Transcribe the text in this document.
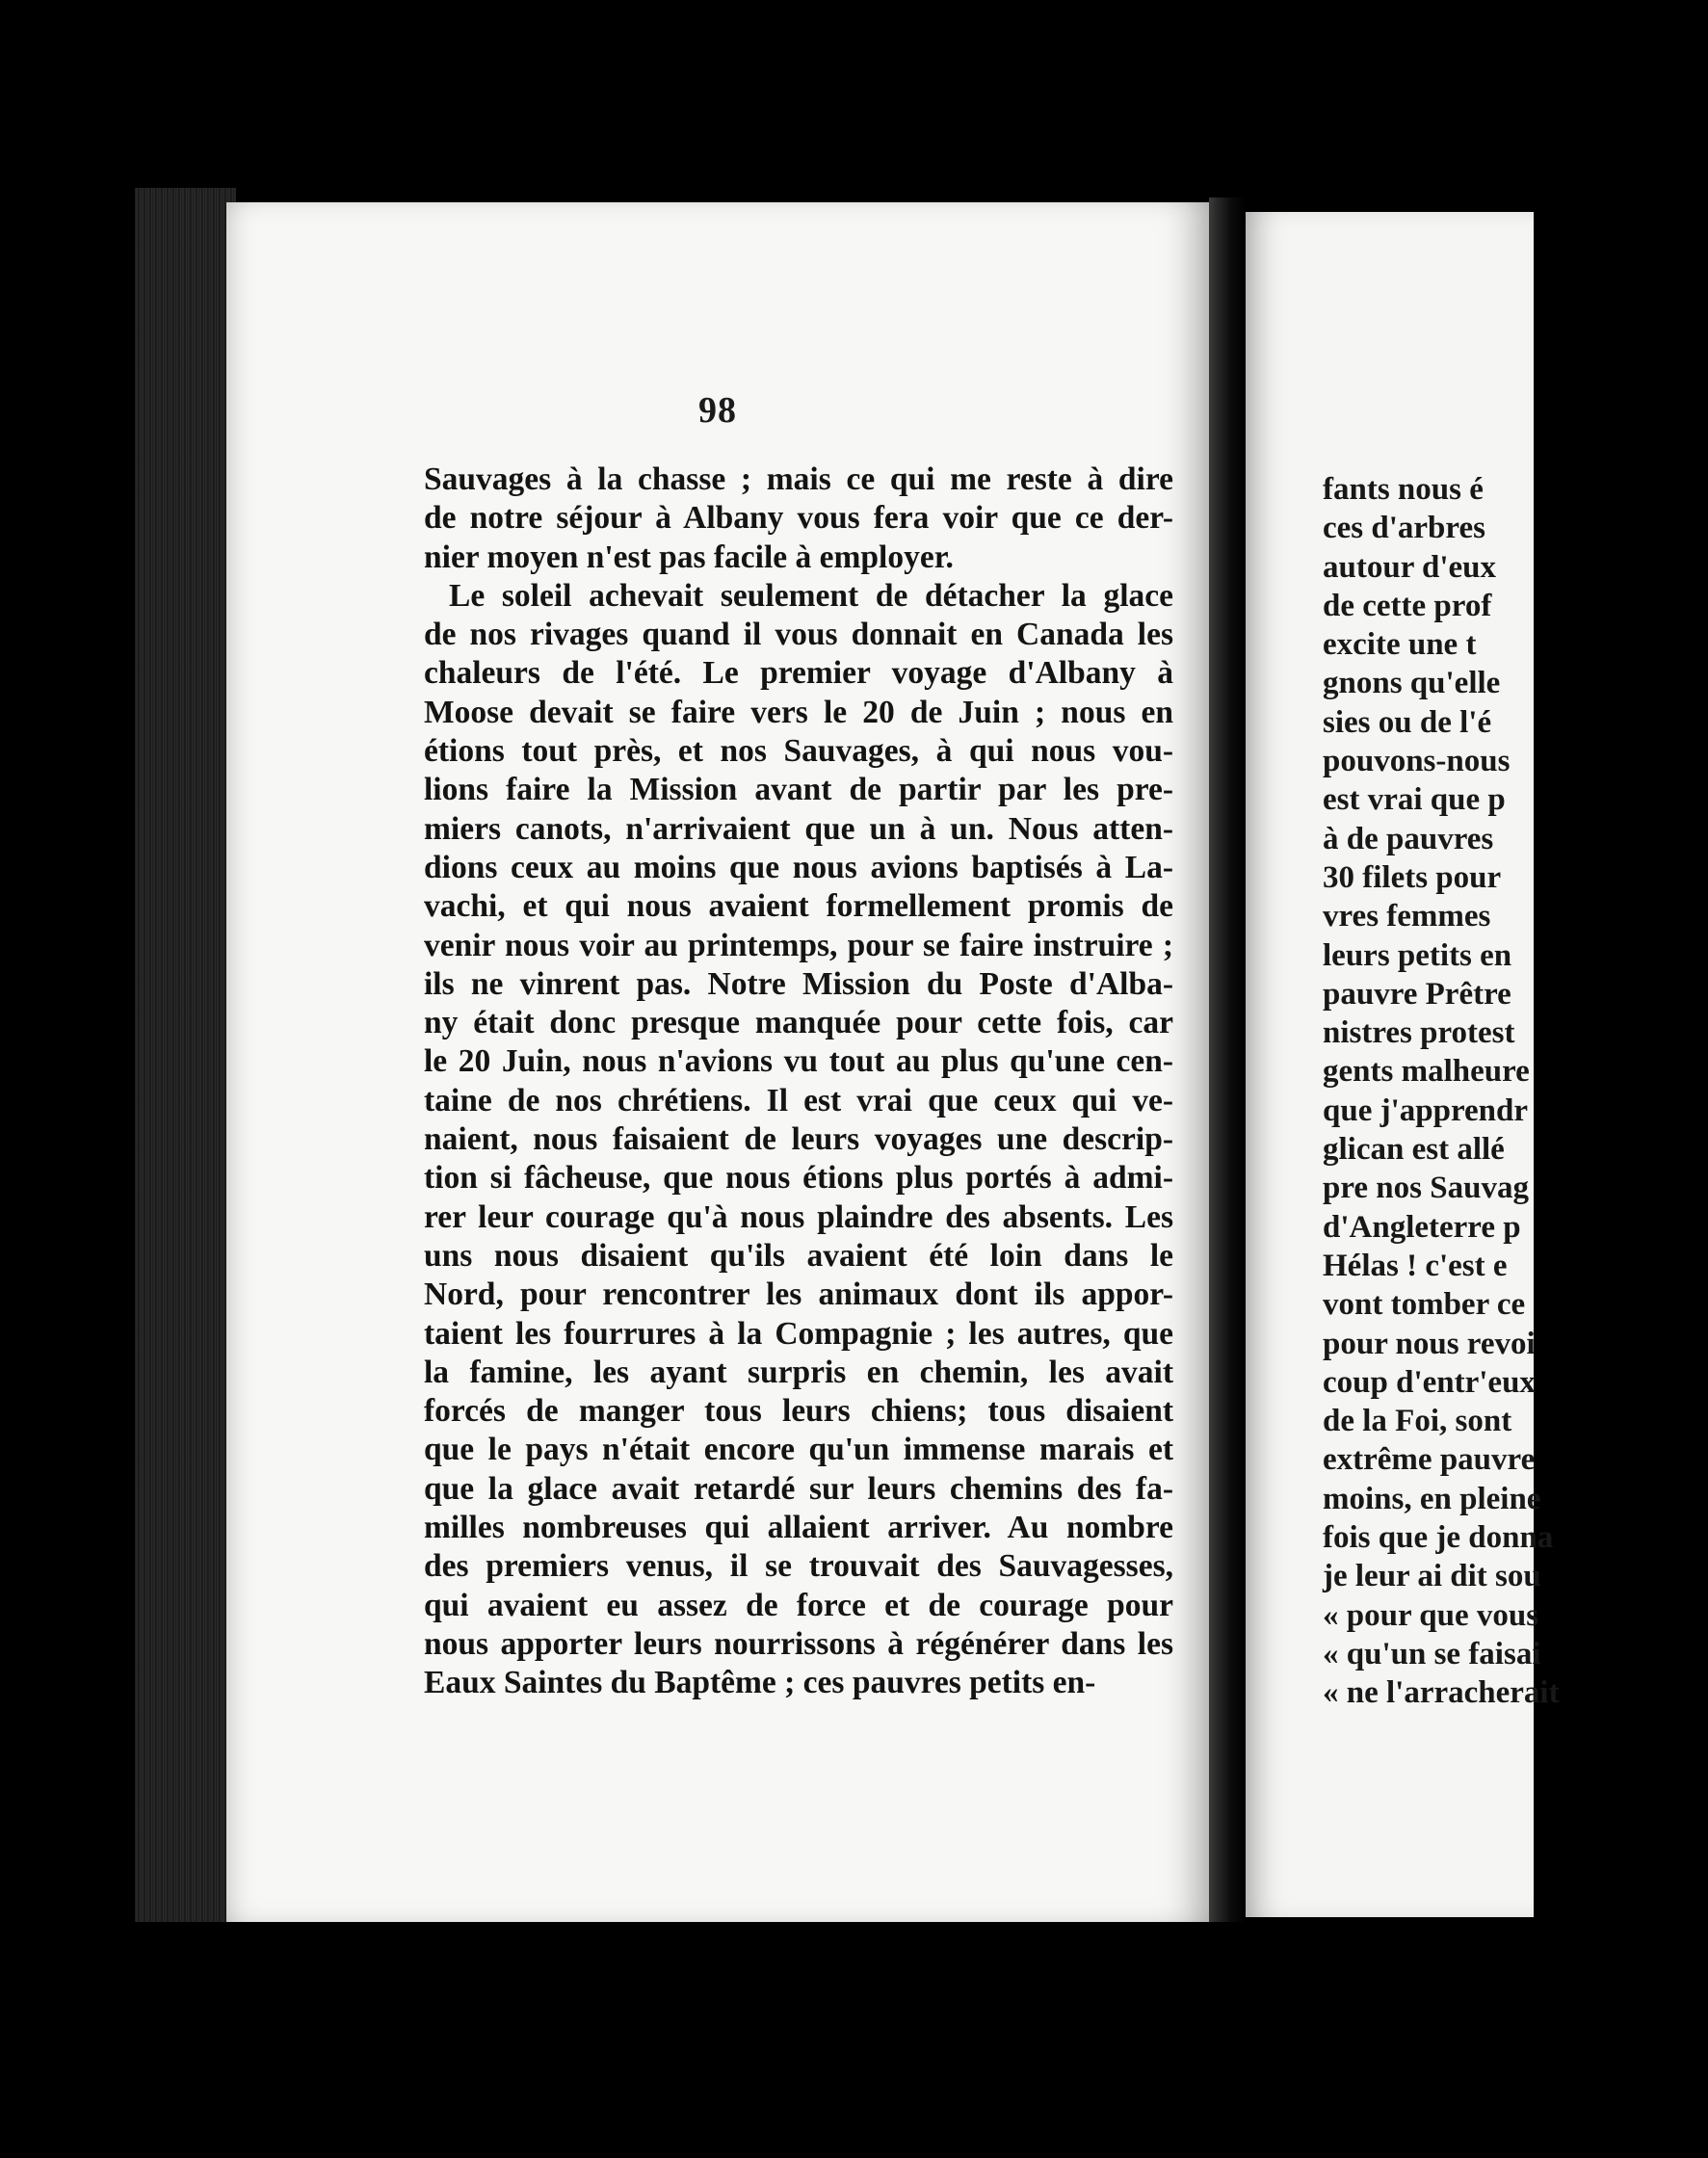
98
Sauvages à la chasse ; mais ce qui me reste à dire
de notre séjour à Albany vous fera voir que ce der-
nier moyen n'est pas facile à employer.
Le soleil achevait seulement de détacher la glace
de nos rivages quand il vous donnait en Canada les
chaleurs de l'été. Le premier voyage d'Albany à
Moose devait se faire vers le 20 de Juin ; nous en
étions tout près, et nos Sauvages, à qui nous vou-
lions faire la Mission avant de partir par les pre-
miers canots, n'arrivaient que un à un. Nous atten-
dions ceux au moins que nous avions baptisés à La-
vachi, et qui nous avaient formellement promis de
venir nous voir au printemps, pour se faire instruire ;
ils ne vinrent pas. Notre Mission du Poste d'Alba-
ny était donc presque manquée pour cette fois, car
le 20 Juin, nous n'avions vu tout au plus qu'une cen-
taine de nos chrétiens. Il est vrai que ceux qui ve-
naient, nous faisaient de leurs voyages une descrip-
tion si fâcheuse, que nous étions plus portés à admi-
rer leur courage qu'à nous plaindre des absents. Les
uns nous disaient qu'ils avaient été loin dans le
Nord, pour rencontrer les animaux dont ils appor-
taient les fourrures à la Compagnie ; les autres, que
la famine, les ayant surpris en chemin, les avait
forcés de manger tous leurs chiens; tous disaient
que le pays n'était encore qu'un immense marais et
que la glace avait retardé sur leurs chemins des fa-
milles nombreuses qui allaient arriver. Au nombre
des premiers venus, il se trouvait des Sauvagesses,
qui avaient eu assez de force et de courage pour
nous apporter leurs nourrissons à régénérer dans les
Eaux Saintes du Baptême ; ces pauvres petits en-
fants nous é
ces d'arbres
autour d'eux
de cette prof
excite une t
gnons qu'elle
sies ou de l'é
pouvons-nous
est vrai que p
à de pauvres
30 filets pour
vres femmes
leurs petits en
pauvre Prêtre
nistres protest
gents malheure
que j'apprendr
glican est allé
pre nos Sauvag
d'Angleterre p
Hélas ! c'est e
vont tomber ce
pour nous revoi
coup d'entr'eux
de la Foi, sont
extrême pauvre
moins, en pleine
fois que je donna
je leur ai dit sou
« pour que vous
« qu'un se faisai
« ne l'arracherait
